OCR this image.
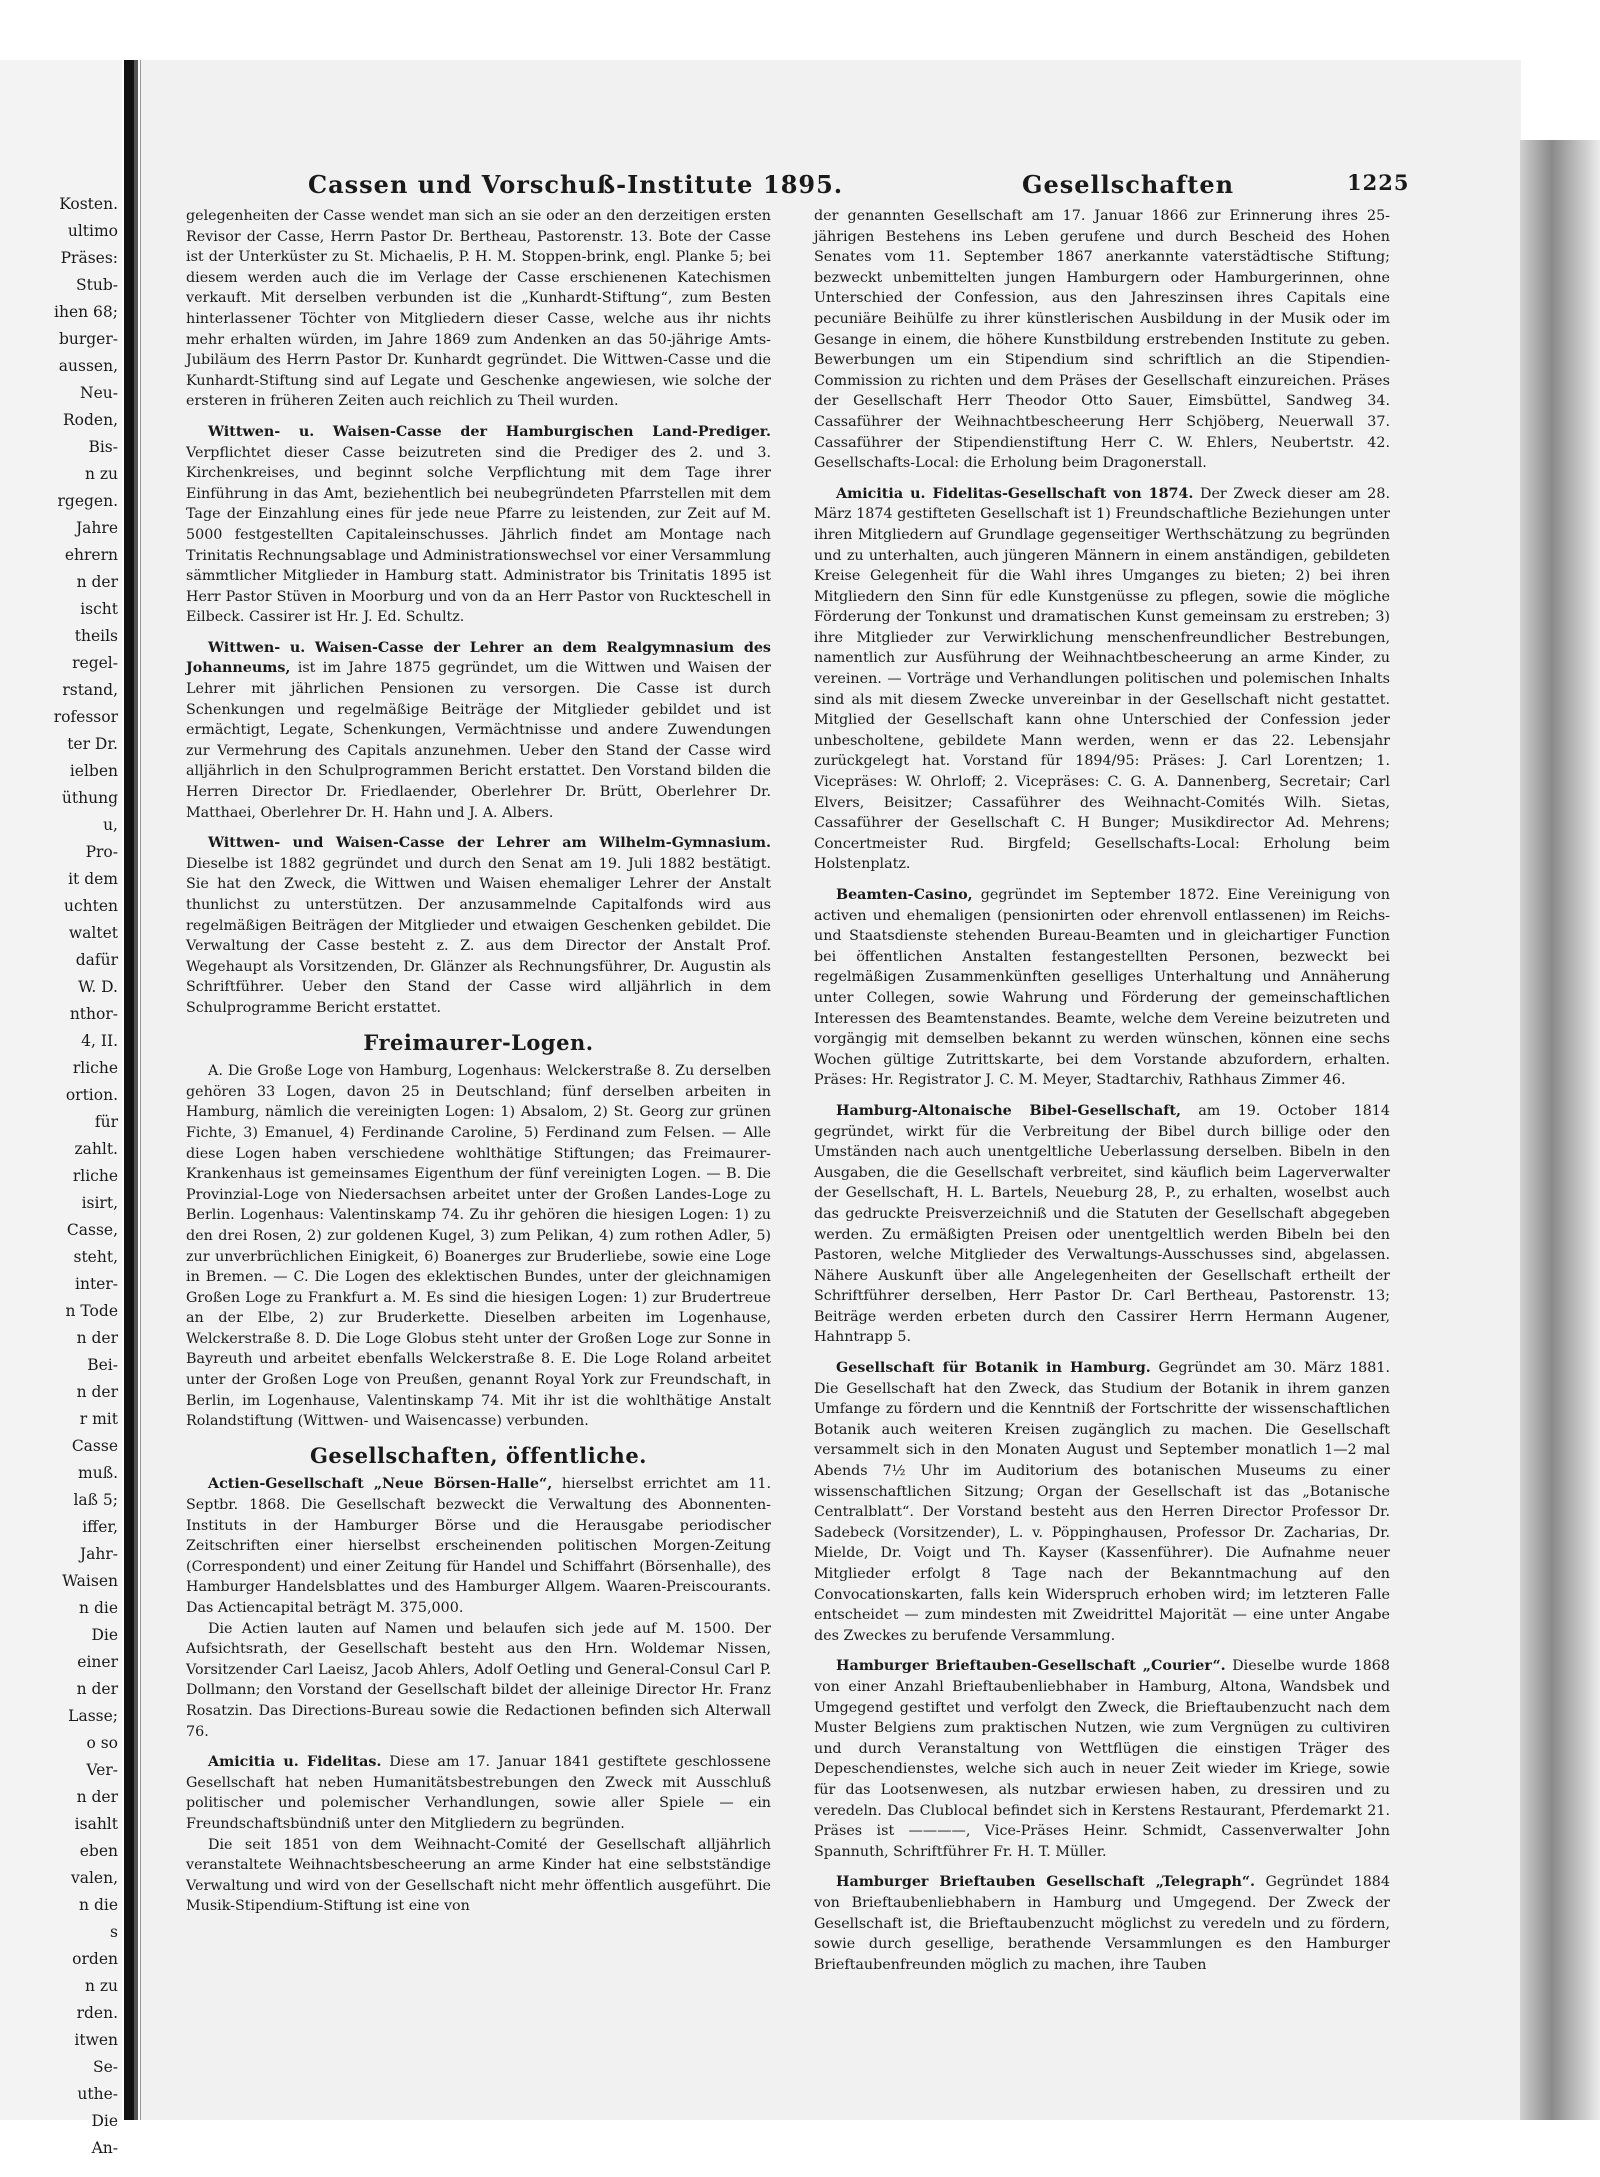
Kosten.
ultimo
Präses:
Stub-
ihen 68;
burger-
aussen,
Neu-
Roden,
Bis-
n zu
rgegen.
Jahre
ehrern
n der
ischt
theils
regel-
rstand,
rofessor
ter Dr.
ielben
üthung
u,
Pro-
it dem
uchten
waltet
dafür
W. D.
nthor-
4, II.
rliche
ortion.
für
zahlt.
rliche
isirt,
Casse,
steht,
inter-
n Tode
n der
Bei-
n der
r mit
Casse
muß.
laß 5;
iffer,
Jahr-
Waisen
n die
Die
einer
n der
Lasse;
o so
Ver-
n der
isahlt
eben
valen,
n die
s
orden
n zu
rden.
itwen
Se-
uthe-
Die
An-
Cassen und Vorschuß-Institute 1895.	Gesellschaften	1225

gelegenheiten der Casse wendet man sich an sie oder an den derzeitigen ersten Revisor der Casse, Herrn Pastor Dr. Bertheau, Pastorenstr. 13. Bote der Casse ist der Unterküster zu St. Michaelis, P. H. M. Stoppen-brink, engl. Planke 5; bei diesem werden auch die im Verlage der Casse erschienenen Katechismen verkauft. Mit derselben verbunden ist die „Kunhardt-Stiftung“, zum Besten hinterlassener Töchter von Mitgliedern dieser Casse, welche aus ihr nichts mehr erhalten würden, im Jahre 1869 zum Andenken an das 50-jährige Amts-Jubiläum des Herrn Pastor Dr. Kunhardt gegründet. Die Wittwen-Casse und die Kunhardt-Stiftung sind auf Legate und Geschenke angewiesen, wie solche der ersteren in früheren Zeiten auch reichlich zu Theil wurden.

Wittwen- u. Waisen-Casse der Hamburgischen Land-Prediger. Verpflichtet dieser Casse beizutreten sind die Prediger des 2. und 3. Kirchenkreises, und beginnt solche Verpflichtung mit dem Tage ihrer Einführung in das Amt, beziehentlich bei neubegründeten Pfarrstellen mit dem Tage der Einzahlung eines für jede neue Pfarre zu leistenden, zur Zeit auf M. 5000 festgestellten Capitaleinschusses. Jährlich findet am Montage nach Trinitatis Rechnungsablage und Administrationswechsel vor einer Versammlung sämmtlicher Mitglieder in Hamburg statt. Administrator bis Trinitatis 1895 ist Herr Pastor Stüven in Moorburg und von da an Herr Pastor von Ruckteschell in Eilbeck. Cassirer ist Hr. J. Ed. Schultz.

Wittwen- u. Waisen-Casse der Lehrer an dem Realgymnasium des Johanneums, ist im Jahre 1875 gegründet, um die Wittwen und Waisen der Lehrer mit jährlichen Pensionen zu versorgen. Die Casse ist durch Schenkungen und regelmäßige Beiträge der Mitglieder gebildet und ist ermächtigt, Legate, Schenkungen, Vermächtnisse und andere Zuwendungen zur Vermehrung des Capitals anzunehmen. Ueber den Stand der Casse wird alljährlich in den Schulprogrammen Bericht erstattet. Den Vorstand bilden die Herren Director Dr. Friedlaender, Oberlehrer Dr. Brütt, Oberlehrer Dr. Matthaei, Oberlehrer Dr. H. Hahn und J. A. Albers.

Wittwen- und Waisen-Casse der Lehrer am Wilhelm-Gymnasium. Dieselbe ist 1882 gegründet und durch den Senat am 19. Juli 1882 bestätigt. Sie hat den Zweck, die Wittwen und Waisen ehemaliger Lehrer der Anstalt thunlichst zu unterstützen. Der anzusammelnde Capitalfonds wird aus regelmäßigen Beiträgen der Mitglieder und etwaigen Geschenken gebildet. Die Verwaltung der Casse besteht z. Z. aus dem Director der Anstalt Prof. Wegehaupt als Vorsitzenden, Dr. Glänzer als Rechnungsführer, Dr. Augustin als Schriftführer. Ueber den Stand der Casse wird alljährlich in dem Schulprogramme Bericht erstattet.

Freimaurer-Logen.

A. Die Große Loge von Hamburg, Logenhaus: Welckerstraße 8. Zu derselben gehören 33 Logen, davon 25 in Deutschland; fünf derselben arbeiten in Hamburg, nämlich die vereinigten Logen: 1) Absalom, 2) St. Georg zur grünen Fichte, 3) Emanuel, 4) Ferdinande Caroline, 5) Ferdinand zum Felsen. — Alle diese Logen haben verschiedene wohlthätige Stiftungen; das Freimaurer-Krankenhaus ist gemeinsames Eigenthum der fünf vereinigten Logen. — B. Die Provinzial-Loge von Niedersachsen arbeitet unter der Großen Landes-Loge zu Berlin. Logenhaus: Valentinskamp 74. Zu ihr gehören die hiesigen Logen: 1) zu den drei Rosen, 2) zur goldenen Kugel, 3) zum Pelikan, 4) zum rothen Adler, 5) zur unverbrüchlichen Einigkeit, 6) Boanerges zur Bruderliebe, sowie eine Loge in Bremen. — C. Die Logen des eklektischen Bundes, unter der gleichnamigen Großen Loge zu Frankfurt a. M. Es sind die hiesigen Logen: 1) zur Brudertreue an der Elbe, 2) zur Bruderkette. Dieselben arbeiten im Logenhause, Welckerstraße 8. D. Die Loge Globus steht unter der Großen Loge zur Sonne in Bayreuth und arbeitet ebenfalls Welckerstraße 8. E. Die Loge Roland arbeitet unter der Großen Loge von Preußen, genannt Royal York zur Freundschaft, in Berlin, im Logenhause, Valentinskamp 74. Mit ihr ist die wohlthätige Anstalt Rolandstiftung (Wittwen- und Waisencasse) verbunden.

Gesellschaften, öffentliche.

Actien-Gesellschaft „Neue Börsen-Halle“, hierselbst errichtet am 11. Septbr. 1868. Die Gesellschaft bezweckt die Verwaltung des Abonnenten-Instituts in der Hamburger Börse und die Herausgabe periodischer Zeitschriften einer hierselbst erscheinenden politischen Morgen-Zeitung (Correspondent) und einer Zeitung für Handel und Schiffahrt (Börsenhalle), des Hamburger Handelsblattes und des Hamburger Allgem. Waaren-Preiscourants. Das Actiencapital beträgt M. 375,000.

Die Actien lauten auf Namen und belaufen sich jede auf M. 1500. Der Aufsichtsrath, der Gesellschaft besteht aus den Hrn. Woldemar Nissen, Vorsitzender Carl Laeisz, Jacob Ahlers, Adolf Oetling und General-Consul Carl P. Dollmann; den Vorstand der Gesellschaft bildet der alleinige Director Hr. Franz Rosatzin. Das Directions-Bureau sowie die Redactionen befinden sich Alterwall 76.

Amicitia u. Fidelitas. Diese am 17. Januar 1841 gestiftete geschlossene Gesellschaft hat neben Humanitätsbestrebungen den Zweck mit Ausschluß politischer und polemischer Verhandlungen, sowie aller Spiele — ein Freundschaftsbündniß unter den Mitgliedern zu begründen.

Die seit 1851 von dem Weihnacht-Comité der Gesellschaft alljährlich veranstaltete Weihnachtsbescheerung an arme Kinder hat eine selbstständige Verwaltung und wird von der Gesellschaft nicht mehr öffentlich ausgeführt. Die Musik-Stipendium-Stiftung ist eine von

der genannten Gesellschaft am 17. Januar 1866 zur Erinnerung ihres 25-jährigen Bestehens ins Leben gerufene und durch Bescheid des Hohen Senates vom 11. September 1867 anerkannte vaterstädtische Stiftung; bezweckt unbemittelten jungen Hamburgern oder Hamburgerinnen, ohne Unterschied der Confession, aus den Jahreszinsen ihres Capitals eine pecuniäre Beihülfe zu ihrer künstlerischen Ausbildung in der Musik oder im Gesange in einem, die höhere Kunstbildung erstrebenden Institute zu geben. Bewerbungen um ein Stipendium sind schriftlich an die Stipendien-Commission zu richten und dem Präses der Gesellschaft einzureichen. Präses der Gesellschaft Herr Theodor Otto Sauer, Eimsbüttel, Sandweg 34. Cassaführer der Weihnachtbescheerung Herr Schjöberg, Neuerwall 37. Cassaführer der Stipendienstiftung Herr C. W. Ehlers, Neubertstr. 42. Gesellschafts-Local: die Erholung beim Dragonerstall.

Amicitia u. Fidelitas-Gesellschaft von 1874. Der Zweck dieser am 28. März 1874 gestifteten Gesellschaft ist 1) Freundschaftliche Beziehungen unter ihren Mitgliedern auf Grundlage gegenseitiger Werthschätzung zu begründen und zu unterhalten, auch jüngeren Männern in einem anständigen, gebildeten Kreise Gelegenheit für die Wahl ihres Umganges zu bieten; 2) bei ihren Mitgliedern den Sinn für edle Kunstgenüsse zu pflegen, sowie die mögliche Förderung der Tonkunst und dramatischen Kunst gemeinsam zu erstreben; 3) ihre Mitglieder zur Verwirklichung menschenfreundlicher Bestrebungen, namentlich zur Ausführung der Weihnachtbescheerung an arme Kinder, zu vereinen. — Vorträge und Verhandlungen politischen und polemischen Inhalts sind als mit diesem Zwecke unvereinbar in der Gesellschaft nicht gestattet. Mitglied der Gesellschaft kann ohne Unterschied der Confession jeder unbescholtene, gebildete Mann werden, wenn er das 22. Lebensjahr zurückgelegt hat. Vorstand für 1894/95: Präses: J. Carl Lorentzen; 1. Vicepräses: W. Ohrloff; 2. Vicepräses: C. G. A. Dannenberg, Secretair; Carl Elvers, Beisitzer; Cassaführer des Weihnacht-Comités Wilh. Sietas, Cassaführer der Gesellschaft C. H Bunger; Musikdirector Ad. Mehrens; Concertmeister Rud. Birgfeld; Gesellschafts-Local: Erholung beim Holstenplatz.

Beamten-Casino, gegründet im September 1872. Eine Vereinigung von activen und ehemaligen (pensionirten oder ehrenvoll entlassenen) im Reichs- und Staatsdienste stehenden Bureau-Beamten und in gleichartiger Function bei öffentlichen Anstalten festangestellten Personen, bezweckt bei regelmäßigen Zusammenkünften geselliges Unterhaltung und Annäherung unter Collegen, sowie Wahrung und Förderung der gemeinschaftlichen Interessen des Beamtenstandes. Beamte, welche dem Vereine beizutreten und vorgängig mit demselben bekannt zu werden wünschen, können eine sechs Wochen gültige Zutrittskarte, bei dem Vorstande abzufordern, erhalten. Präses: Hr. Registrator J. C. M. Meyer, Stadtarchiv, Rathhaus Zimmer 46.

Hamburg-Altonaische Bibel-Gesellschaft, am 19. October 1814 gegründet, wirkt für die Verbreitung der Bibel durch billige oder den Umständen nach auch unentgeltliche Ueberlassung derselben. Bibeln in den Ausgaben, die die Gesellschaft verbreitet, sind käuflich beim Lagerverwalter der Gesellschaft, H. L. Bartels, Neueburg 28, P., zu erhalten, woselbst auch das gedruckte Preisverzeichniß und die Statuten der Gesellschaft abgegeben werden. Zu ermäßigten Preisen oder unentgeltlich werden Bibeln bei den Pastoren, welche Mitglieder des Verwaltungs-Ausschusses sind, abgelassen. Nähere Auskunft über alle Angelegenheiten der Gesellschaft ertheilt der Schriftführer derselben, Herr Pastor Dr. Carl Bertheau, Pastorenstr. 13; Beiträge werden erbeten durch den Cassirer Herrn Hermann Augener, Hahntrapp 5.

Gesellschaft für Botanik in Hamburg. Gegründet am 30. März 1881. Die Gesellschaft hat den Zweck, das Studium der Botanik in ihrem ganzen Umfange zu fördern und die Kenntniß der Fortschritte der wissenschaftlichen Botanik auch weiteren Kreisen zugänglich zu machen. Die Gesellschaft versammelt sich in den Monaten August und September monatlich 1—2 mal Abends 7½ Uhr im Auditorium des botanischen Museums zu einer wissenschaftlichen Sitzung; Organ der Gesellschaft ist das „Botanische Centralblatt“. Der Vorstand besteht aus den Herren Director Professor Dr. Sadebeck (Vorsitzender), L. v. Pöppinghausen, Professor Dr. Zacharias, Dr. Mielde, Dr. Voigt und Th. Kayser (Kassenführer). Die Aufnahme neuer Mitglieder erfolgt 8 Tage nach der Bekanntmachung auf den Convocationskarten, falls kein Widerspruch erhoben wird; im letzteren Falle entscheidet — zum mindesten mit Zweidrittel Majorität — eine unter Angabe des Zweckes zu berufende Versammlung.

Hamburger Brieftauben-Gesellschaft „Courier“. Dieselbe wurde 1868 von einer Anzahl Brieftaubenliebhaber in Hamburg, Altona, Wandsbek und Umgegend gestiftet und verfolgt den Zweck, die Brieftaubenzucht nach dem Muster Belgiens zum praktischen Nutzen, wie zum Vergnügen zu cultiviren und durch Veranstaltung von Wettflügen die einstigen Träger des Depeschendienstes, welche sich auch in neuer Zeit wieder im Kriege, sowie für das Lootsenwesen, als nutzbar erwiesen haben, zu dressiren und zu veredeln. Das Clublocal befindet sich in Kerstens Restaurant, Pferdemarkt 21. Präses ist ————, Vice-Präses Heinr. Schmidt, Cassenverwalter John Spannuth, Schriftführer Fr. H. T. Müller.

Hamburger Brieftauben Gesellschaft „Telegraph“. Gegründet 1884 von Brieftaubenliebhabern in Hamburg und Umgegend. Der Zweck der Gesellschaft ist, die Brieftaubenzucht möglichst zu veredeln und zu fördern, sowie durch gesellige, berathende Versammlungen es den Hamburger Brieftaubenfreunden möglich zu machen, ihre Tauben
